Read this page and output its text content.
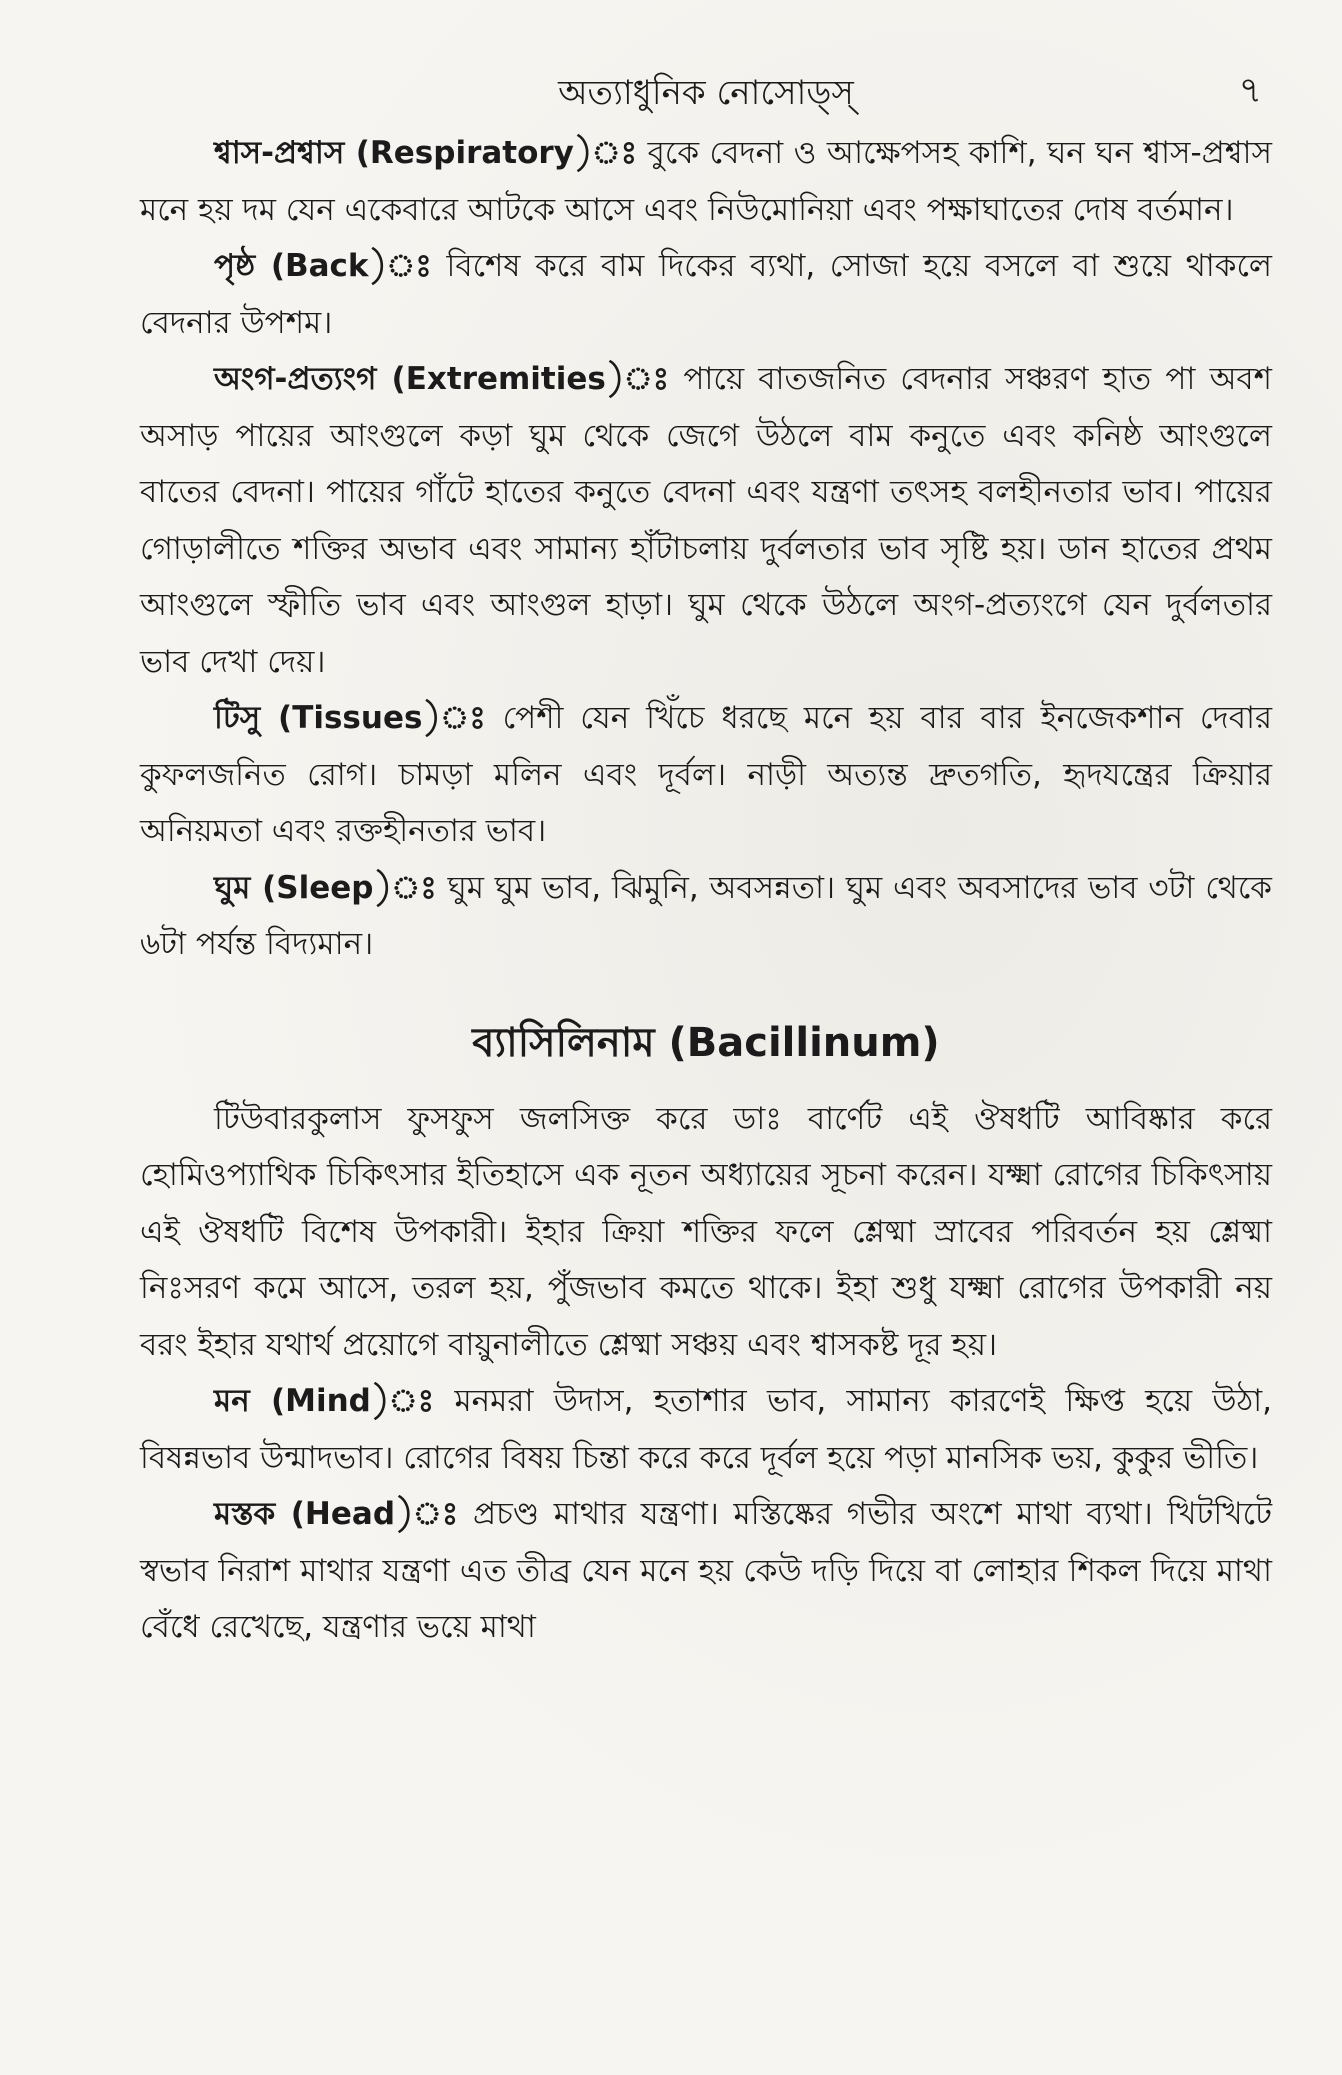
অত্যাধুনিক নোসোড্‌স্‌	৭

শ্বাস-প্রশ্বাস (Respiratory)ঃ বুকে বেদনা ও আক্ষেপসহ কাশি, ঘন ঘন শ্বাস-প্রশ্বাস মনে হয় দম যেন একেবারে আটকে আসে এবং নিউমোনিয়া এবং পক্ষাঘাতের দোষ বর্তমান।

পৃষ্ঠ (Back)ঃ বিশেষ করে বাম দিকের ব্যথা, সোজা হয়ে বসলে বা শুয়ে থাকলে বেদনার উপশম।

অংগ-প্রত্যংগ (Extremities)ঃ পায়ে বাতজনিত বেদনার সঞ্চরণ হাত পা অবশ অসাড় পায়ের আংগুলে কড়া ঘুম থেকে জেগে উঠলে বাম কনুতে এবং কনিষ্ঠ আংগুলে বাতের বেদনা। পায়ের গাঁটে হাতের কনুতে বেদনা এবং যন্ত্রণা তৎসহ বলহীনতার ভাব। পায়ের গোড়ালীতে শক্তির অভাব এবং সামান্য হাঁটাচলায় দুর্বলতার ভাব সৃষ্টি হয়। ডান হাতের প্রথম আংগুলে স্ফীতি ভাব এবং আংগুল হাড়া। ঘুম থেকে উঠলে অংগ-প্রত্যংগে যেন দুর্বলতার ভাব দেখা দেয়।

টিসু (Tissues)ঃ পেশী যেন খিঁচে ধরছে মনে হয় বার বার ইনজেকশান দেবার কুফলজনিত রোগ। চামড়া মলিন এবং দূর্বল। নাড়ী অত্যন্ত দ্রুতগতি, হৃদযন্ত্রের ক্রিয়ার অনিয়মতা এবং রক্তহীনতার ভাব।

ঘুম (Sleep)ঃ ঘুম ঘুম ভাব, ঝিমুনি, অবসন্নতা। ঘুম এবং অবসাদের ভাব ৩টা থেকে ৬টা পর্যন্ত বিদ্যমান।

ব্যাসিলিনাম (Bacillinum)

টিউবারকুলাস ফুসফুস জলসিক্ত করে ডাঃ বার্ণেট এই ঔষধটি আবিষ্কার করে হোমিওপ্যাথিক চিকিৎসার ইতিহাসে এক নূতন অধ্যায়ের সূচনা করেন। যক্ষ্মা রোগের চিকিৎসায় এই ঔষধটি বিশেষ উপকারী। ইহার ক্রিয়া শক্তির ফলে শ্লেষ্মা স্রাবের পরিবর্তন হয় শ্লেষ্মা নিঃসরণ কমে আসে, তরল হয়, পুঁজভাব কমতে থাকে। ইহা শুধু যক্ষ্মা রোগের উপকারী নয় বরং ইহার যথার্থ প্রয়োগে বায়ুনালীতে শ্লেষ্মা সঞ্চয় এবং শ্বাসকষ্ট দূর হয়।

মন (Mind)ঃ মনমরা উদাস, হতাশার ভাব, সামান্য কারণেই ক্ষিপ্ত হয়ে উঠা, বিষন্নভাব উন্মাদভাব। রোগের বিষয় চিন্তা করে করে দূর্বল হয়ে পড়া মানসিক ভয়, কুকুর ভীতি।

মস্তক (Head)ঃ প্রচণ্ড মাথার যন্ত্রণা। মস্তিষ্কের গভীর অংশে মাথা ব্যথা। খিটখিটে স্বভাব নিরাশ মাথার যন্ত্রণা এত তীব্র যেন মনে হয় কেউ দড়ি দিয়ে বা লোহার শিকল দিয়ে মাথা বেঁধে রেখেছে, যন্ত্রণার ভয়ে মাথা
